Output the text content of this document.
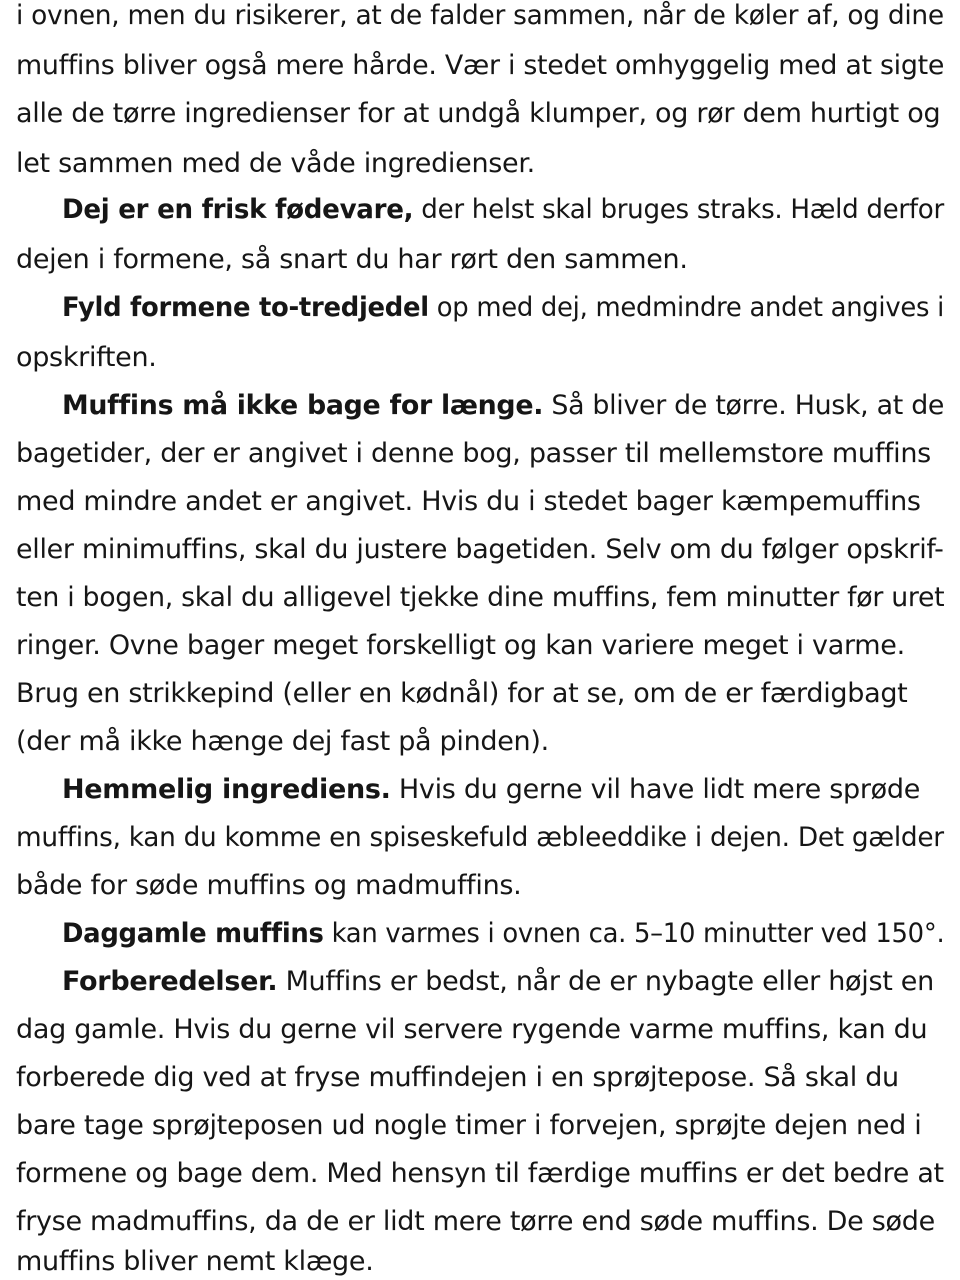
i ovnen, men du risikerer, at de falder sammen, når de køler af, og dine
muffins bliver også mere hårde. Vær i stedet omhyggelig med at sigte
alle de tørre ingredienser for at undgå klumper, og rør dem hurtigt og
let sammen med de våde ingredienser.
Dej er en frisk fødevare, der helst skal bruges straks. Hæld derfor
dejen i formene, så snart du har rørt den sammen.
Fyld formene to-tredjedel op med dej, medmindre andet angives i
opskriften.
Muffins må ikke bage for længe. Så bliver de tørre. Husk, at de
bagetider, der er angivet i denne bog, passer til mellemstore muffins
med mindre andet er angivet. Hvis du i stedet bager kæmpemuffins
eller minimuffins, skal du justere bagetiden. Selv om du følger opskrif-
ten i bogen, skal du alligevel tjekke dine muffins, fem minutter før uret
ringer. Ovne bager meget forskelligt og kan variere meget i varme.
Brug en strikkepind (eller en kødnål) for at se, om de er færdigbagt
(der må ikke hænge dej fast på pinden).
Hemmelig ingrediens. Hvis du gerne vil have lidt mere sprøde
muffins, kan du komme en spiseskefuld æbleeddike i dejen. Det gælder
både for søde muffins og madmuffins.
Daggamle muffins kan varmes i ovnen ca. 5–10 minutter ved 150°.
Forberedelser. Muffins er bedst, når de er nybagte eller højst en
dag gamle. Hvis du gerne vil servere rygende varme muffins, kan du
forberede dig ved at fryse muffindejen i en sprøjtepose. Så skal du
bare tage sprøjteposen ud nogle timer i forvejen, sprøjte dejen ned i
formene og bage dem. Med hensyn til færdige muffins er det bedre at
fryse madmuffins, da de er lidt mere tørre end søde muffins. De søde
muffins bliver nemt klæge.
